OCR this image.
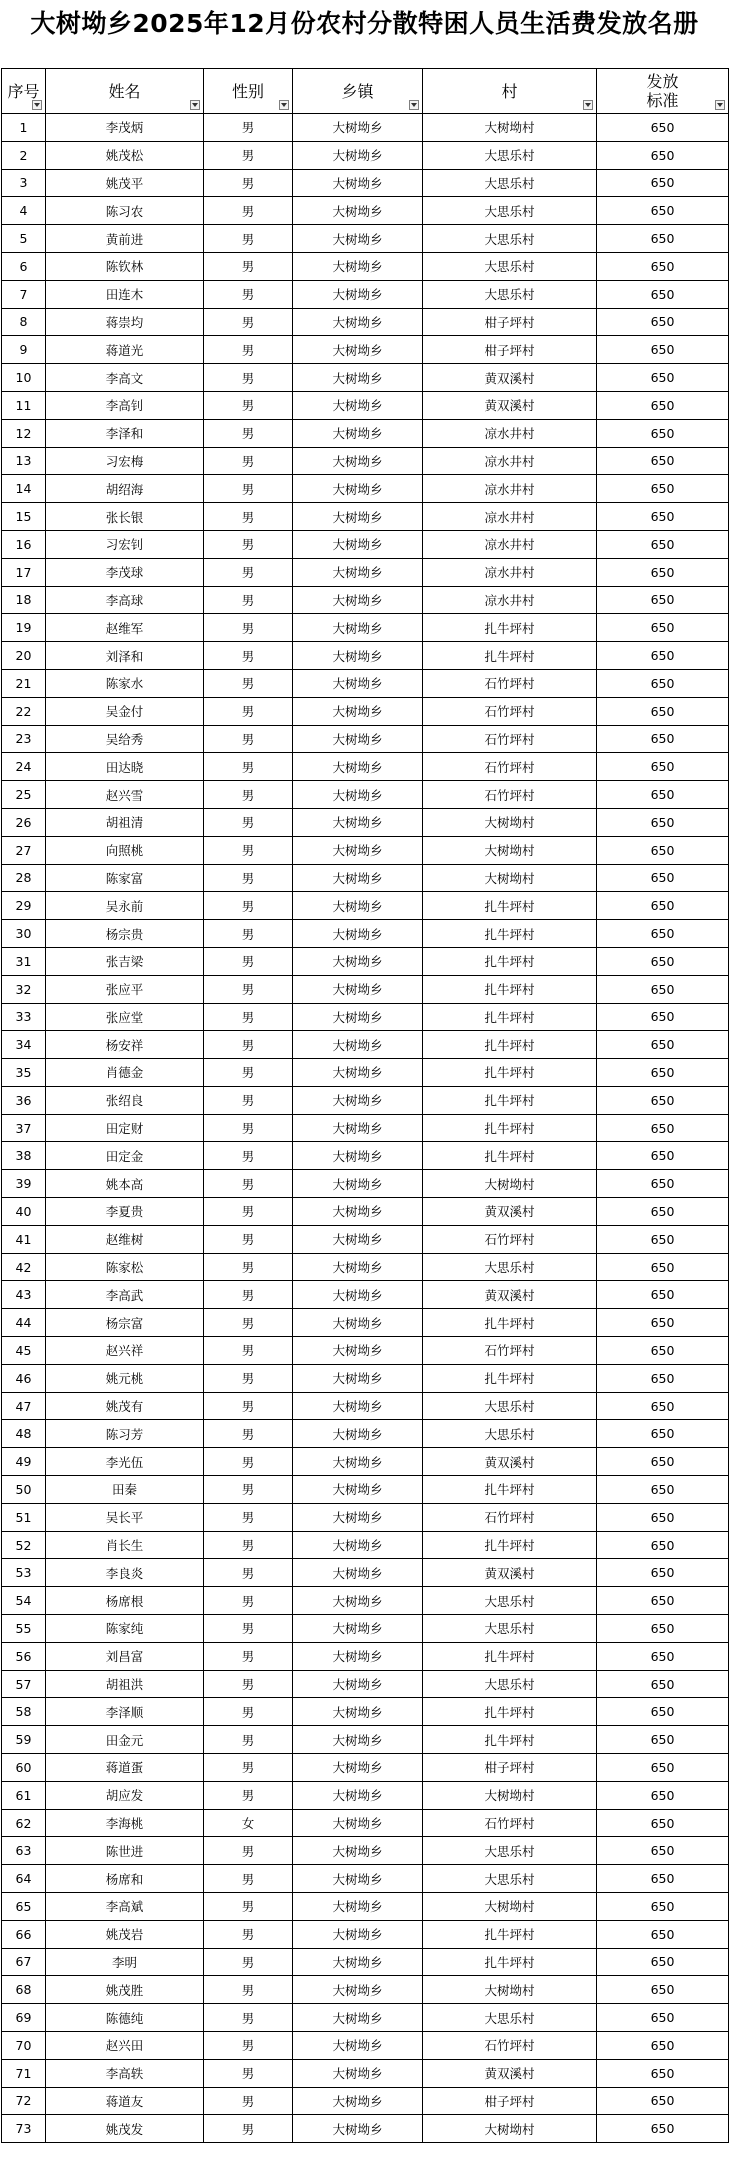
大树坳乡2025年12月份农村分散特困人员生活费发放名册
序号	姓名	性别	乡镇	村	发放
标准

1	李茂炳	男	大树坳乡	大树坳村	650
2	姚茂松	男	大树坳乡	大思乐村	650
3	姚茂平	男	大树坳乡	大思乐村	650
4	陈习农	男	大树坳乡	大思乐村	650
5	黄前进	男	大树坳乡	大思乐村	650
6	陈钦林	男	大树坳乡	大思乐村	650
7	田连木	男	大树坳乡	大思乐村	650
8	蒋崇均	男	大树坳乡	柑子坪村	650
9	蒋道光	男	大树坳乡	柑子坪村	650
10	李高文	男	大树坳乡	黄双溪村	650
11	李高钊	男	大树坳乡	黄双溪村	650
12	李泽和	男	大树坳乡	凉水井村	650
13	习宏梅	男	大树坳乡	凉水井村	650
14	胡绍海	男	大树坳乡	凉水井村	650
15	张长银	男	大树坳乡	凉水井村	650
16	习宏钊	男	大树坳乡	凉水井村	650
17	李茂球	男	大树坳乡	凉水井村	650
18	李高球	男	大树坳乡	凉水井村	650
19	赵维军	男	大树坳乡	扎牛坪村	650
20	刘泽和	男	大树坳乡	扎牛坪村	650
21	陈家水	男	大树坳乡	石竹坪村	650
22	吴金付	男	大树坳乡	石竹坪村	650
23	吴给秀	男	大树坳乡	石竹坪村	650
24	田达晓	男	大树坳乡	石竹坪村	650
25	赵兴雪	男	大树坳乡	石竹坪村	650
26	胡祖清	男	大树坳乡	大树坳村	650
27	向照桃	男	大树坳乡	大树坳村	650
28	陈家富	男	大树坳乡	大树坳村	650
29	吴永前	男	大树坳乡	扎牛坪村	650
30	杨宗贵	男	大树坳乡	扎牛坪村	650
31	张吉梁	男	大树坳乡	扎牛坪村	650
32	张应平	男	大树坳乡	扎牛坪村	650
33	张应堂	男	大树坳乡	扎牛坪村	650
34	杨安祥	男	大树坳乡	扎牛坪村	650
35	肖德金	男	大树坳乡	扎牛坪村	650
36	张绍良	男	大树坳乡	扎牛坪村	650
37	田定财	男	大树坳乡	扎牛坪村	650
38	田定金	男	大树坳乡	扎牛坪村	650
39	姚本高	男	大树坳乡	大树坳村	650
40	李夏贵	男	大树坳乡	黄双溪村	650
41	赵维树	男	大树坳乡	石竹坪村	650
42	陈家松	男	大树坳乡	大思乐村	650
43	李高武	男	大树坳乡	黄双溪村	650
44	杨宗富	男	大树坳乡	扎牛坪村	650
45	赵兴祥	男	大树坳乡	石竹坪村	650
46	姚元桃	男	大树坳乡	扎牛坪村	650
47	姚茂有	男	大树坳乡	大思乐村	650
48	陈习芳	男	大树坳乡	大思乐村	650
49	李光伍	男	大树坳乡	黄双溪村	650
50	田秦	男	大树坳乡	扎牛坪村	650
51	吴长平	男	大树坳乡	石竹坪村	650
52	肖长生	男	大树坳乡	扎牛坪村	650
53	李良炎	男	大树坳乡	黄双溪村	650
54	杨席根	男	大树坳乡	大思乐村	650
55	陈家纯	男	大树坳乡	大思乐村	650
56	刘昌富	男	大树坳乡	扎牛坪村	650
57	胡祖洪	男	大树坳乡	大思乐村	650
58	李泽顺	男	大树坳乡	扎牛坪村	650
59	田金元	男	大树坳乡	扎牛坪村	650
60	蒋道蛋	男	大树坳乡	柑子坪村	650
61	胡应发	男	大树坳乡	大树坳村	650
62	李海桃	女	大树坳乡	石竹坪村	650
63	陈世进	男	大树坳乡	大思乐村	650
64	杨席和	男	大树坳乡	大思乐村	650
65	李高斌	男	大树坳乡	大树坳村	650
66	姚茂岩	男	大树坳乡	扎牛坪村	650
67	李明	男	大树坳乡	扎牛坪村	650
68	姚茂胜	男	大树坳乡	大树坳村	650
69	陈德纯	男	大树坳乡	大思乐村	650
70	赵兴田	男	大树坳乡	石竹坪村	650
71	李高轶	男	大树坳乡	黄双溪村	650
72	蒋道友	男	大树坳乡	柑子坪村	650
73	姚茂发	男	大树坳乡	大树坳村	650
